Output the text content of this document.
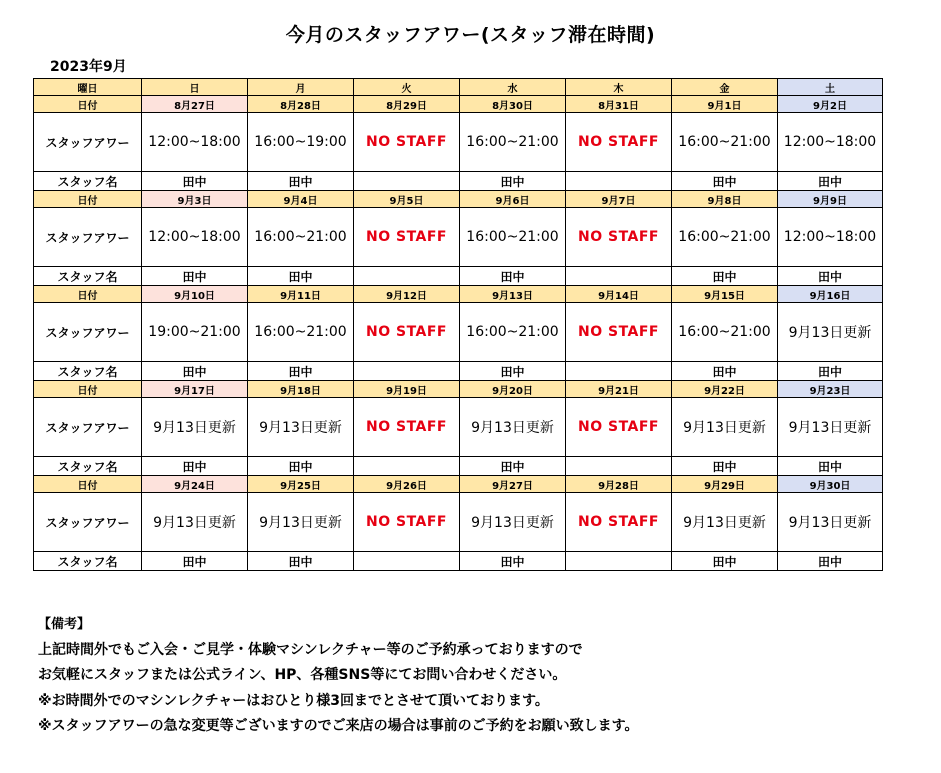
今月のスタッフアワー(スタッフ滞在時間)
2023年9月
曜日	日	月	火	水	木	金	土
日付	8月27日	8月28日	8月29日	8月30日	8月31日	9月1日	9月2日
スタッフアワー	12:00~18:00	16:00~19:00	NO STAFF	16:00~21:00	NO STAFF	16:00~21:00	12:00~18:00
スタッフ名	田中	田中		田中		田中	田中
日付	9月3日	9月4日	9月5日	9月6日	9月7日	9月8日	9月9日
スタッフアワー	12:00~18:00	16:00~21:00	NO STAFF	16:00~21:00	NO STAFF	16:00~21:00	12:00~18:00
スタッフ名	田中	田中		田中		田中	田中
日付	9月10日	9月11日	9月12日	9月13日	9月14日	9月15日	9月16日
スタッフアワー	19:00~21:00	16:00~21:00	NO STAFF	16:00~21:00	NO STAFF	16:00~21:00	9月13日更新
スタッフ名	田中	田中		田中		田中	田中
日付	9月17日	9月18日	9月19日	9月20日	9月21日	9月22日	9月23日
スタッフアワー	9月13日更新	9月13日更新	NO STAFF	9月13日更新	NO STAFF	9月13日更新	9月13日更新
スタッフ名	田中	田中		田中		田中	田中
日付	9月24日	9月25日	9月26日	9月27日	9月28日	9月29日	9月30日
スタッフアワー	9月13日更新	9月13日更新	NO STAFF	9月13日更新	NO STAFF	9月13日更新	9月13日更新
スタッフ名	田中	田中		田中		田中	田中
【備考】
上記時間外でもご入会・ご見学・体験マシンレクチャー等のご予約承っておりますので
お気軽にスタッフまたは公式ライン、HP、各種SNS等にてお問い合わせください。
※お時間外でのマシンレクチャーはおひとり様3回までとさせて頂いております。
※スタッフアワーの急な変更等ございますのでご来店の場合は事前のご予約をお願い致します。
